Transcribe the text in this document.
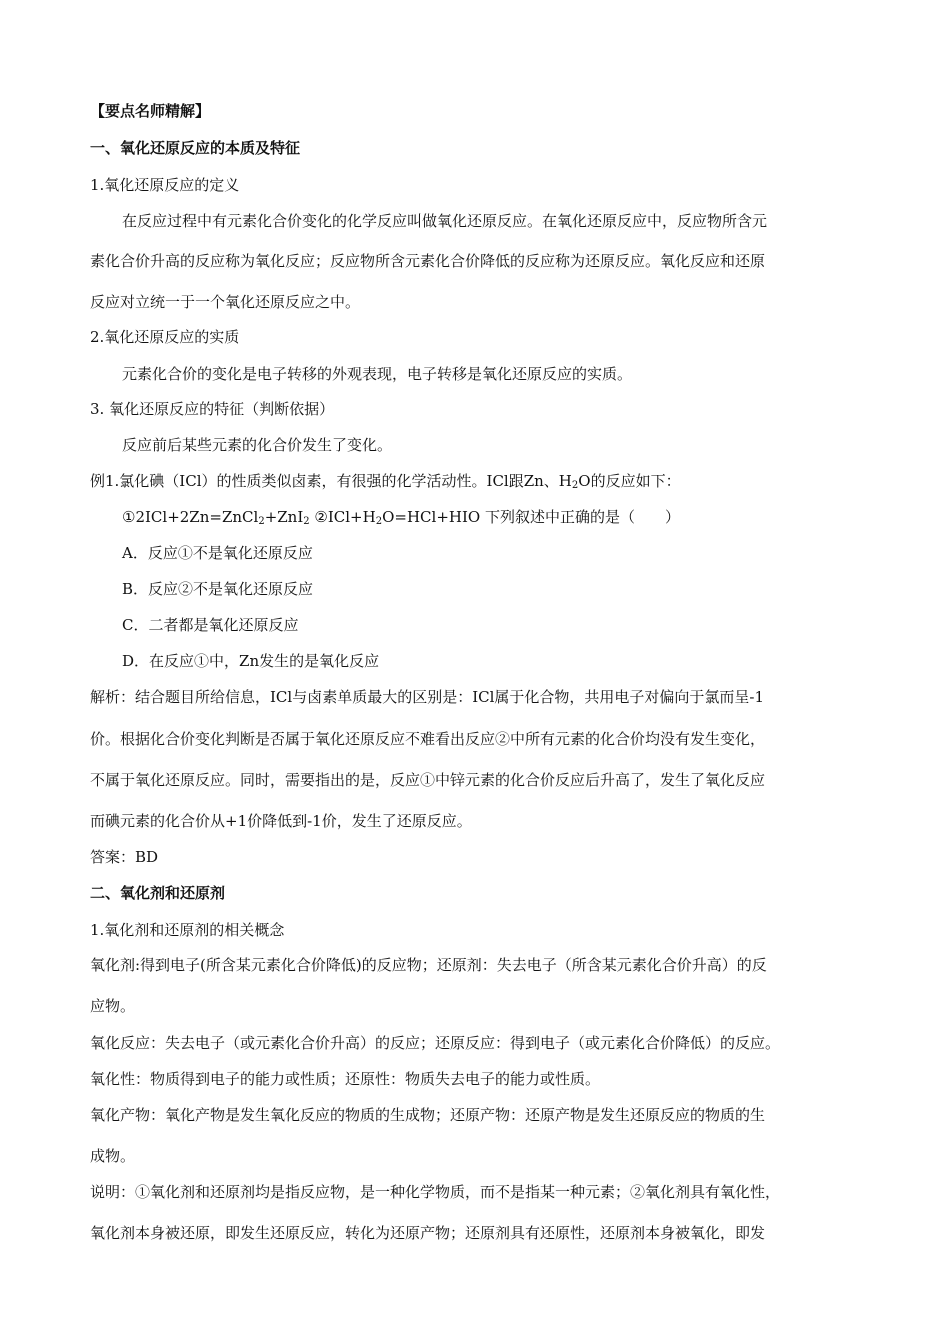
【要点名师精解】
一、氧化还原反应的本质及特征
1.氧化还原反应的定义
在反应过程中有元素化合价变化的化学反应叫做氧化还原反应。在氧化还原反应中，反应物所含元
素化合价升高的反应称为氧化反应；反应物所含元素化合价降低的反应称为还原反应。氧化反应和还原
反应对立统一于一个氧化还原反应之中。
2.氧化还原反应的实质
元素化合价的变化是电子转移的外观表现，电子转移是氧化还原反应的实质。
3. 氧化还原反应的特征（判断依据）
反应前后某些元素的化合价发生了变化。
例1.氯化碘（ICl）的性质类似卤素，有很强的化学活动性。ICl跟Zn、$H_2O$的反应如下：
①2ICl+2Zn=ZnCl$_2$+ZnI$_2$ $②ICl+H_2O=HCl+HIO$ 下列叙述中正确的是（　　）
A．反应①不是氧化还原反应
B．反应②不是氧化还原反应
C．二者都是氧化还原反应
D．在反应①中，Zn发生的是氧化反应
解析：结合题目所给信息，ICl与卤素单质最大的区别是：ICl属于化合物，共用电子对偏向于氯而呈-1
价。根据化合价变化判断是否属于氧化还原反应不难看出反应②中所有元素的化合价均没有发生变化，
不属于氧化还原反应。同时，需要指出的是，反应①中锌元素的化合价反应后升高了，发生了氧化反应
而碘元素的化合价从+1价降低到-1价，发生了还原反应。
答案：BD
二、氧化剂和还原剂
1.氧化剂和还原剂的相关概念
氧化剂:得到电子(所含某元素化合价降低)的反应物；还原剂：失去电子（所含某元素化合价升高）的反
应物。
氧化反应：失去电子（或元素化合价升高）的反应；还原反应：得到电子（或元素化合价降低）的反应。
氧化性：物质得到电子的能力或性质；还原性：物质失去电子的能力或性质。
氧化产物：氧化产物是发生氧化反应的物质的生成物；还原产物：还原产物是发生还原反应的物质的生
成物。
说明：①氧化剂和还原剂均是指反应物，是一种化学物质，而不是指某一种元素；②氧化剂具有氧化性，
氧化剂本身被还原，即发生还原反应，转化为还原产物；还原剂具有还原性，还原剂本身被氧化，即发
